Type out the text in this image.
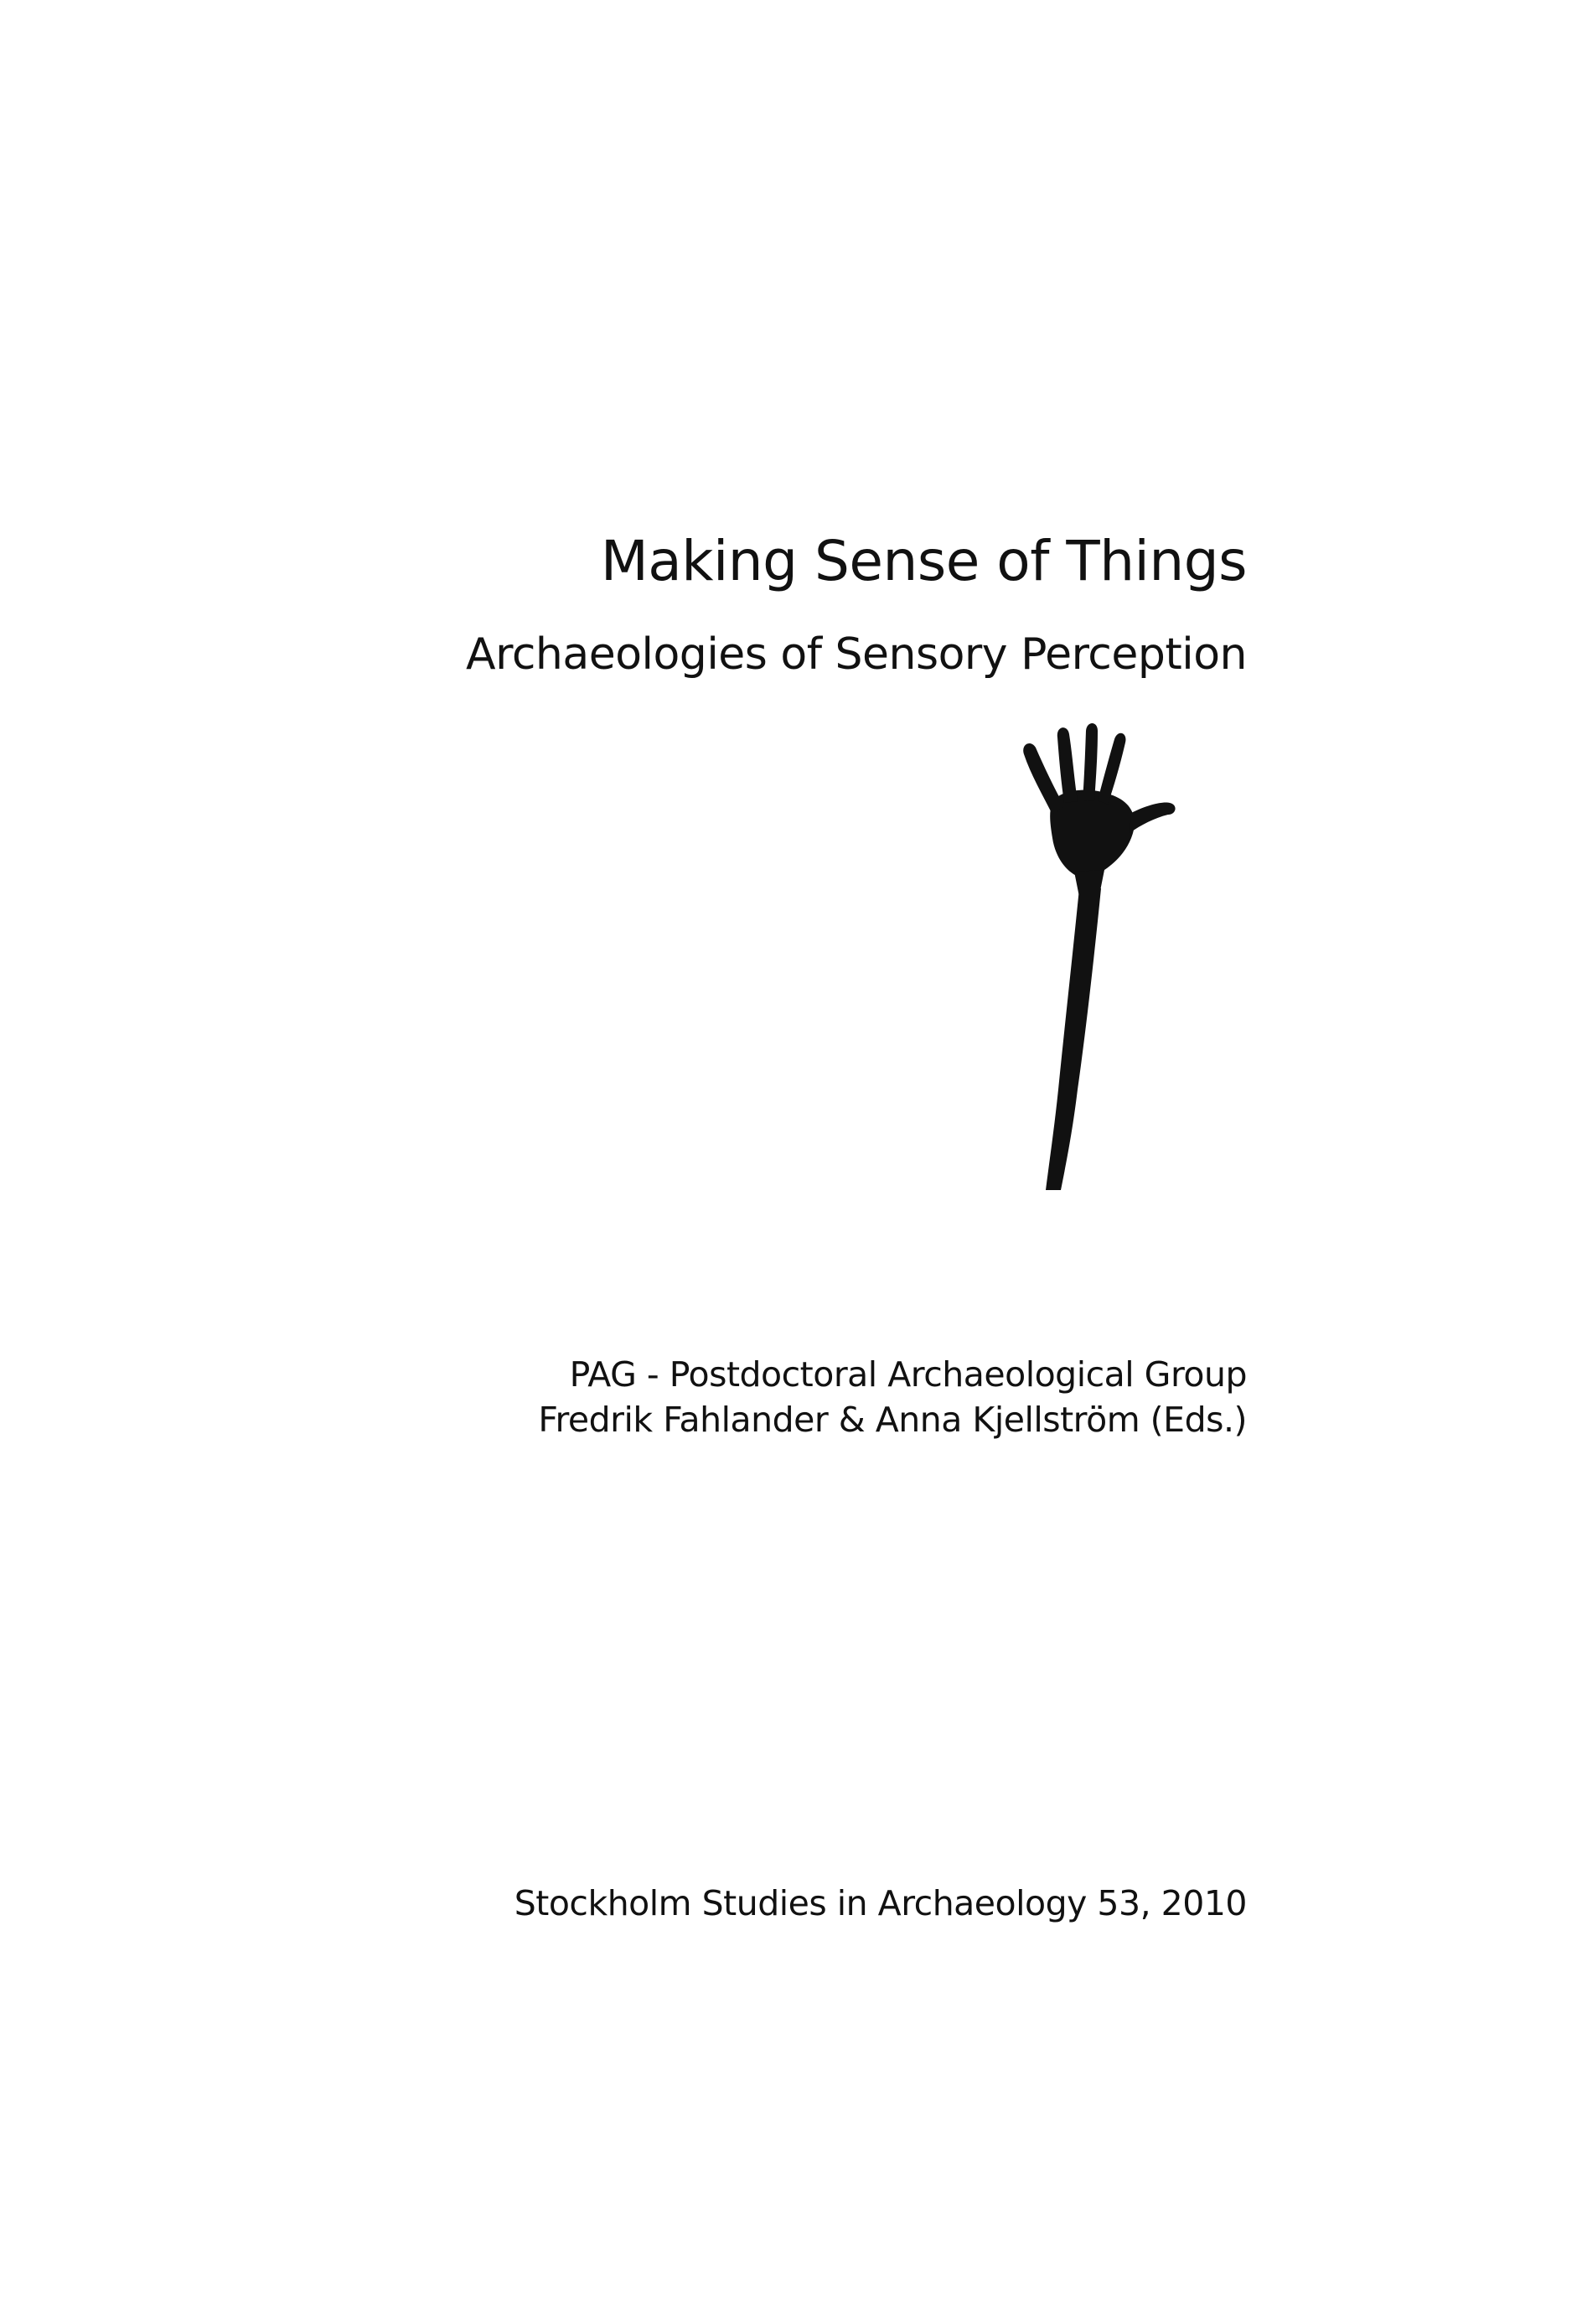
Making Sense of Things
Archaeologies of Sensory Perception
PAG - Postdoctoral Archaeological Group
Fredrik Fahlander & Anna Kjellström (Eds.)
Stockholm Studies in Archaeology 53, 2010
